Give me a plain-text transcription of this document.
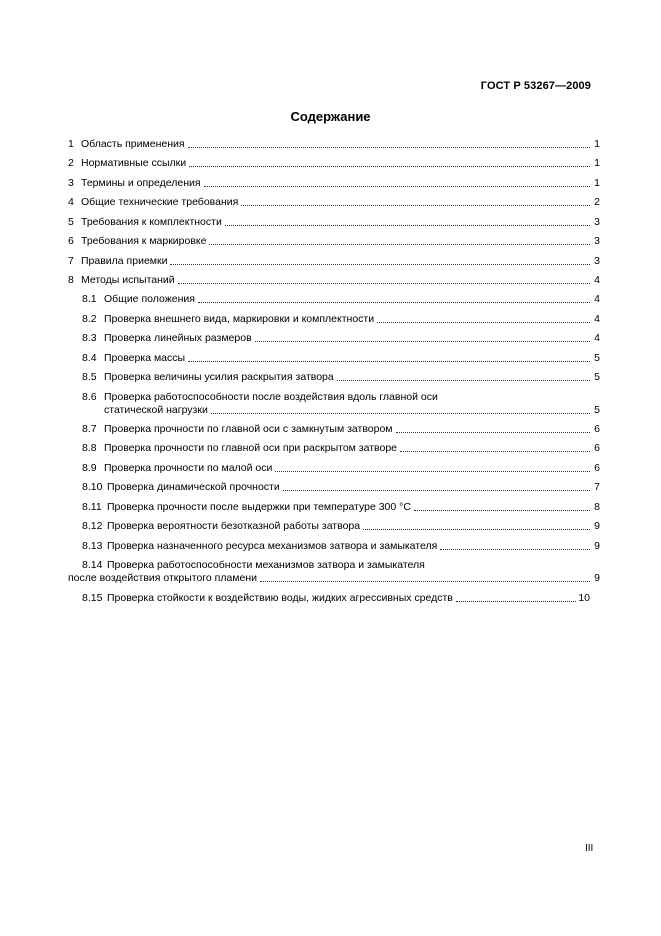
ГОСТ Р 53267—2009
Содержание
1 Область применения	1
2 Нормативные ссылки	1
3 Термины и определения	1
4 Общие технические требования	2
5 Требования к комплектности	3
6 Требования к маркировке	3
7 Правила приемки	3
8 Методы испытаний	4
8.1 Общие положения	4
8.2 Проверка внешнего вида, маркировки и комплектности	4
8.3 Проверка линейных размеров	4
8.4 Проверка массы	5
8.5 Проверка величины усилия раскрытия затвора	5
8.6 Проверка работоспособности после воздействия вдоль главной оси
статической нагрузки	5
8.7 Проверка прочности по главной оси с замкнутым затвором	6
8.8 Проверка прочности по главной оси при раскрытом затворе	6
8.9 Проверка прочности по малой оси	6
8.10 Проверка динамической прочности	7
8.11 Проверка прочности после выдержки при температуре 300 °С	8
8.12 Проверка вероятности безотказной работы затвора	9
8.13 Проверка назначенного ресурса механизмов затвора и замыкателя	9
8.14 Проверка работоспособности механизмов затвора и замыкателя
после воздействия открытого пламени	9
8.15 Проверка стойкости к воздействию воды, жидких агрессивных средств	10
III
